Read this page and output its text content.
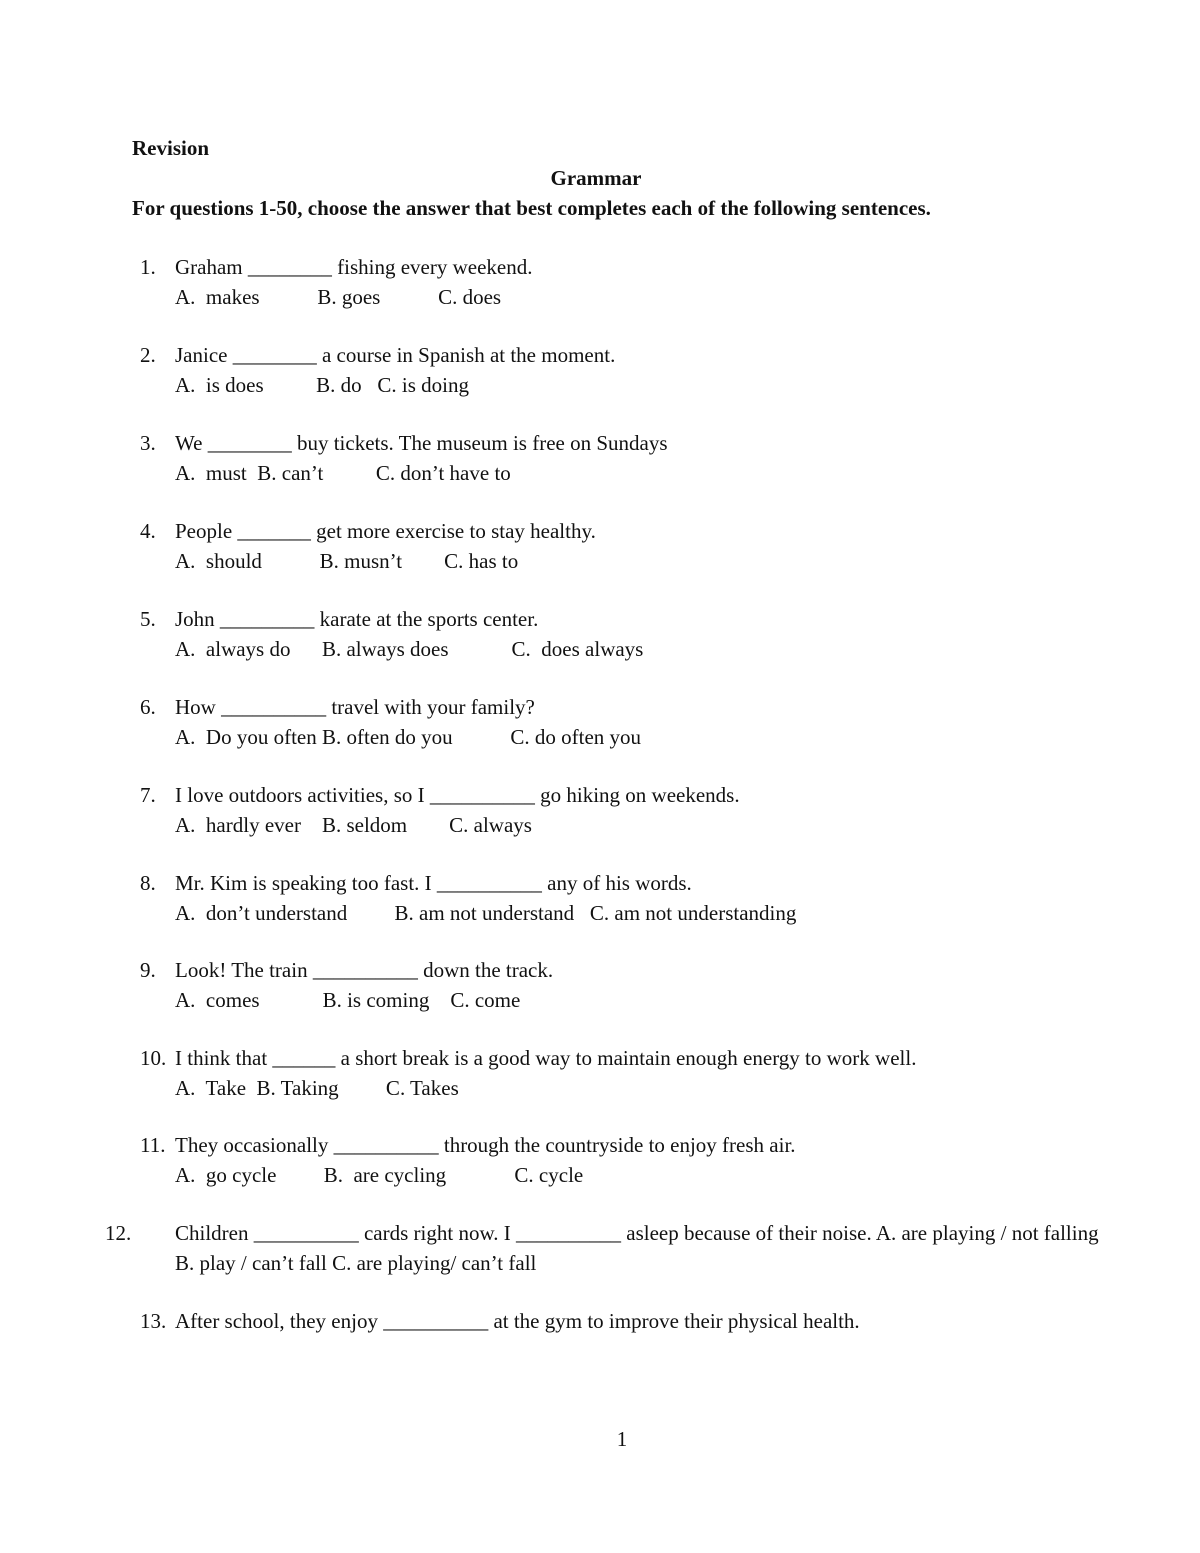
Revision
Grammar
For questions 1-50, choose the answer that best completes each of the following sentences.
1. Graham ________ fishing every weekend.
A.  makes           B. goes           C. does
2. Janice ________ a course in Spanish at the moment.
A.  is does          B. do   C. is doing
3. We ________ buy tickets. The museum is free on Sundays
A.  must  B. can’t          C. don’t have to
4. People _______ get more exercise to stay healthy.
A.  should           B. musn’t        C. has to
5. John _________ karate at the sports center.
A.  always do      B. always does            C.  does always
6. How __________ travel with your family?
A.  Do you often B. often do you           C. do often you
7. I love outdoors activities, so I __________ go hiking on weekends.
A.  hardly ever    B. seldom        C. always
8. Mr. Kim is speaking too fast. I __________ any of his words.
A.  don’t understand         B. am not understand   C. am not understanding
9. Look! The train __________ down the track.
A.  comes            B. is coming    C. come
10. I think that ______ a short break is a good way to maintain enough energy to work well.
A.  Take  B. Taking         C. Takes
11. They occasionally __________ through the countryside to enjoy fresh air.
A.  go cycle         B.  are cycling             C. cycle
12. Children __________ cards right now. I __________ asleep because of their noise. A. are playing / not falling B. play / can’t fall C. are playing/ can’t fall
13. After school, they enjoy __________ at the gym to improve their physical health.
1
